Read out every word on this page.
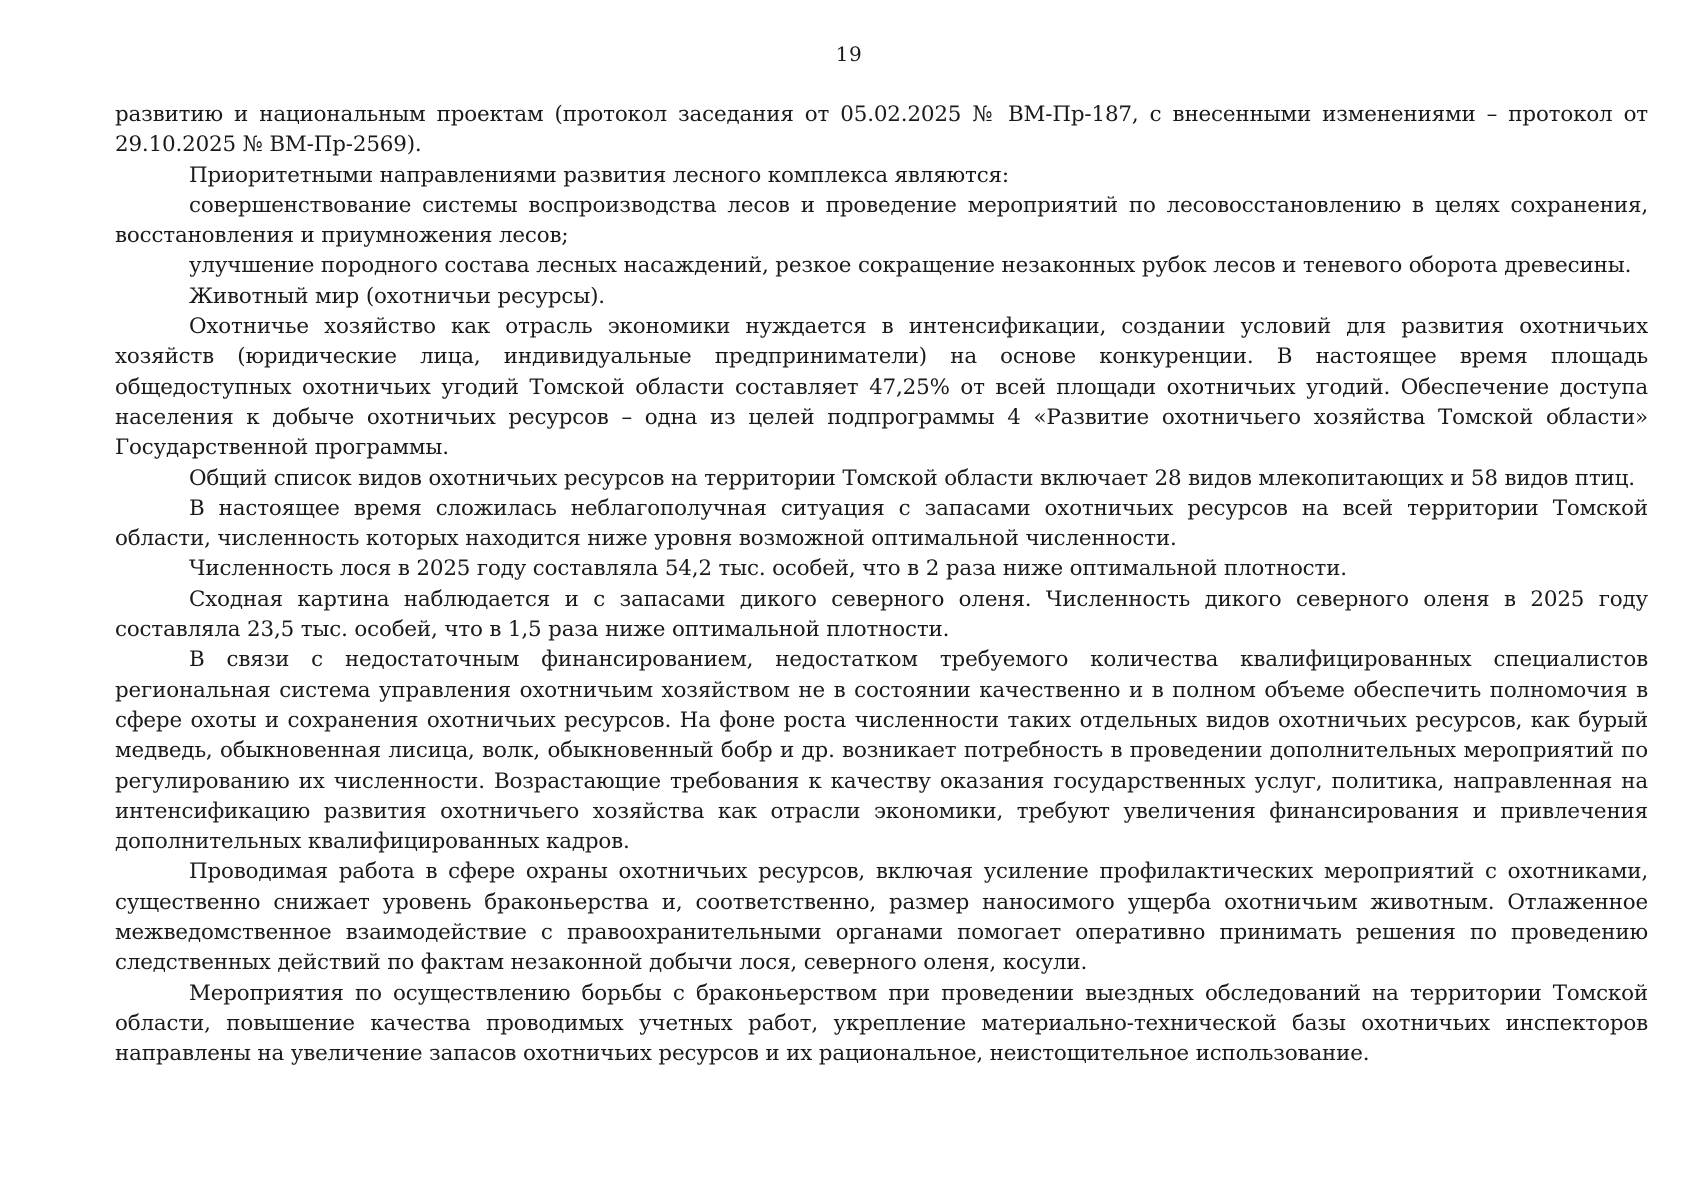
19

развитию и национальным проектам (протокол заседания от 05.02.2025 № ВМ-Пр-187, с внесенными изменениями – протокол от 29.10.2025 № ВМ-Пр-2569).

Приоритетными направлениями развития лесного комплекса являются:

совершенствование системы воспроизводства лесов и проведение мероприятий по лесовосстановлению в целях сохранения, восстановления и приумножения лесов;

улучшение породного состава лесных насаждений, резкое сокращение незаконных рубок лесов и теневого оборота древесины.

Животный мир (охотничьи ресурсы).

Охотничье хозяйство как отрасль экономики нуждается в интенсификации, создании условий для развития охотничьих хозяйств (юридические лица, индивидуальные предприниматели) на основе конкуренции. В настоящее время площадь общедоступных охотничьих угодий Томской области составляет 47,25% от всей площади охотничьих угодий. Обеспечение доступа населения к добыче охотничьих ресурсов – одна из целей подпрограммы 4 «Развитие охотничьего хозяйства Томской области» Государственной программы.

Общий список видов охотничьих ресурсов на территории Томской области включает 28 видов млекопитающих и 58 видов птиц.

В настоящее время сложилась неблагополучная ситуация с запасами охотничьих ресурсов на всей территории Томской области, численность которых находится ниже уровня возможной оптимальной численности.

Численность лося в 2025 году составляла 54,2 тыс. особей, что в 2 раза ниже оптимальной плотности.

Сходная картина наблюдается и с запасами дикого северного оленя. Численность дикого северного оленя в 2025 году составляла 23,5 тыс. особей, что в 1,5 раза ниже оптимальной плотности.

В связи с недостаточным финансированием, недостатком требуемого количества квалифицированных специалистов региональная система управления охотничьим хозяйством не в состоянии качественно и в полном объеме обеспечить полномочия в сфере охоты и сохранения охотничьих ресурсов. На фоне роста численности таких отдельных видов охотничьих ресурсов, как бурый медведь, обыкновенная лисица, волк, обыкновенный бобр и др. возникает потребность в проведении дополнительных мероприятий по регулированию их численности. Возрастающие требования к качеству оказания государственных услуг, политика, направленная на интенсификацию развития охотничьего хозяйства как отрасли экономики, требуют увеличения финансирования и привлечения дополнительных квалифицированных кадров.

Проводимая работа в сфере охраны охотничьих ресурсов, включая усиление профилактических мероприятий с охотниками, существенно снижает уровень браконьерства и, соответственно, размер наносимого ущерба охотничьим животным. Отлаженное межведомственное взаимодействие с правоохранительными органами помогает оперативно принимать решения по проведению следственных действий по фактам незаконной добычи лося, северного оленя, косули.

Мероприятия по осуществлению борьбы с браконьерством при проведении выездных обследований на территории Томской области, повышение качества проводимых учетных работ, укрепление материально-технической базы охотничьих инспекторов направлены на увеличение запасов охотничьих ресурсов и их рациональное, неистощительное использование.
